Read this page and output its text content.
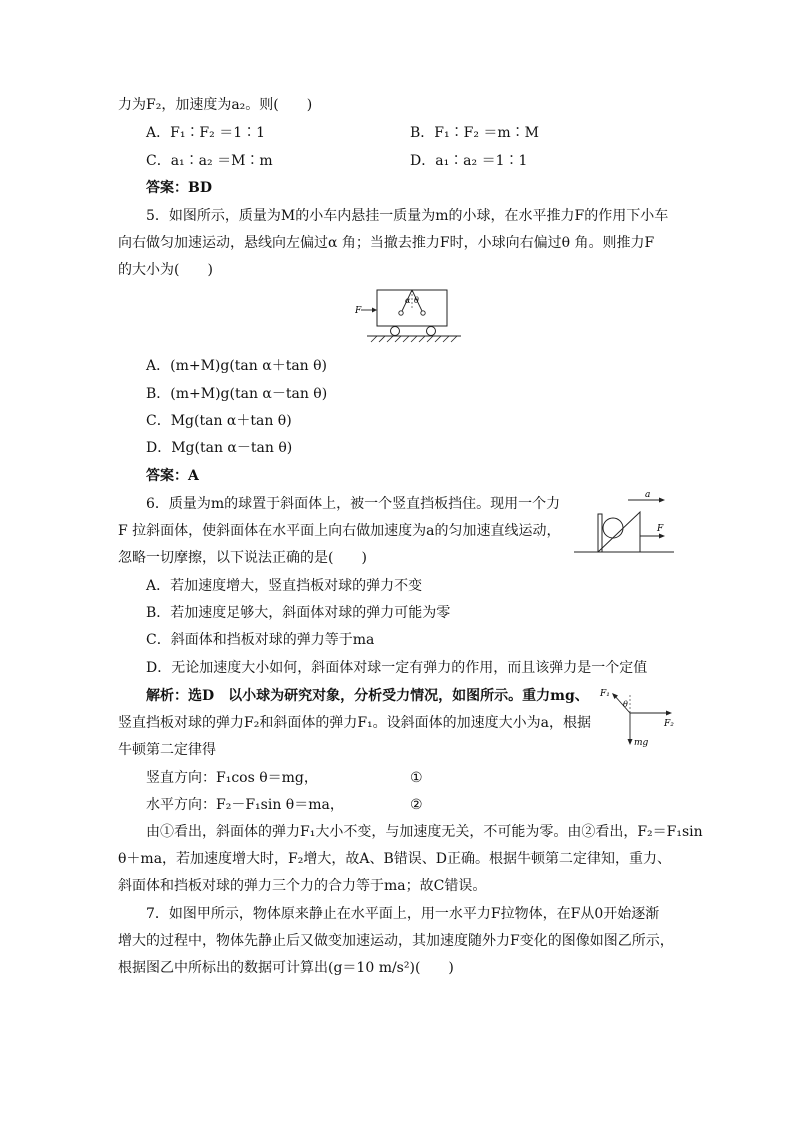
力为F₂，加速度为a₂。则(　　)
A．F₁∶F₂ ＝1∶1	B．F₁∶F₂ ＝m∶M
C．a₁∶a₂ ＝M∶m	D．a₁∶a₂ ＝1∶1
答案：BD
5．如图所示，质量为M的小车内悬挂一质量为m的小球，在水平推力F的作用下小车
向右做匀加速运动，悬线向左偏过α 角；当撤去推力F时，小球向右偏过θ 角。则推力F
的大小为(　　)
F
α θ
A．(m+M)g(tan α＋tan θ)
B．(m+M)g(tan α－tan θ)
C．Mg(tan α＋tan θ)
D．Mg(tan α－tan θ)
答案：A
6．质量为m的球置于斜面体上，被一个竖直挡板挡住。现用一个力
F 拉斜面体，使斜面体在水平面上向右做加速度为a的匀加速直线运动，
忽略一切摩擦，以下说法正确的是(　　)
a
F
A．若加速度增大，竖直挡板对球的弹力不变
B．若加速度足够大，斜面体对球的弹力可能为零
C．斜面体和挡板对球的弹力等于ma
D．无论加速度大小如何，斜面体对球一定有弹力的作用，而且该弹力是一个定值
解析：选D　以小球为研究对象，分析受力情况，如图所示。重力mg、
竖直挡板对球的弹力F₂和斜面体的弹力F₁。设斜面体的加速度大小为a，根据
牛顿第二定律得
F₁
F₂
mg
θ
竖直方向：F₁cos θ＝mg，	①
水平方向：F₂－F₁sin θ＝ma，	②
由①看出，斜面体的弹力F₁大小不变，与加速度无关，不可能为零。由②看出，F₂＝F₁sin
θ＋ma，若加速度增大时，F₂增大，故A、B错误、D正确。根据牛顿第二定律知，重力、
斜面体和挡板对球的弹力三个力的合力等于ma；故C错误。
7．如图甲所示，物体原来静止在水平面上，用一水平力F拉物体，在F从0开始逐渐
增大的过程中，物体先静止后又做变加速运动，其加速度随外力F变化的图像如图乙所示，
根据图乙中所标出的数据可计算出(g＝10 m/s²)(　　)
